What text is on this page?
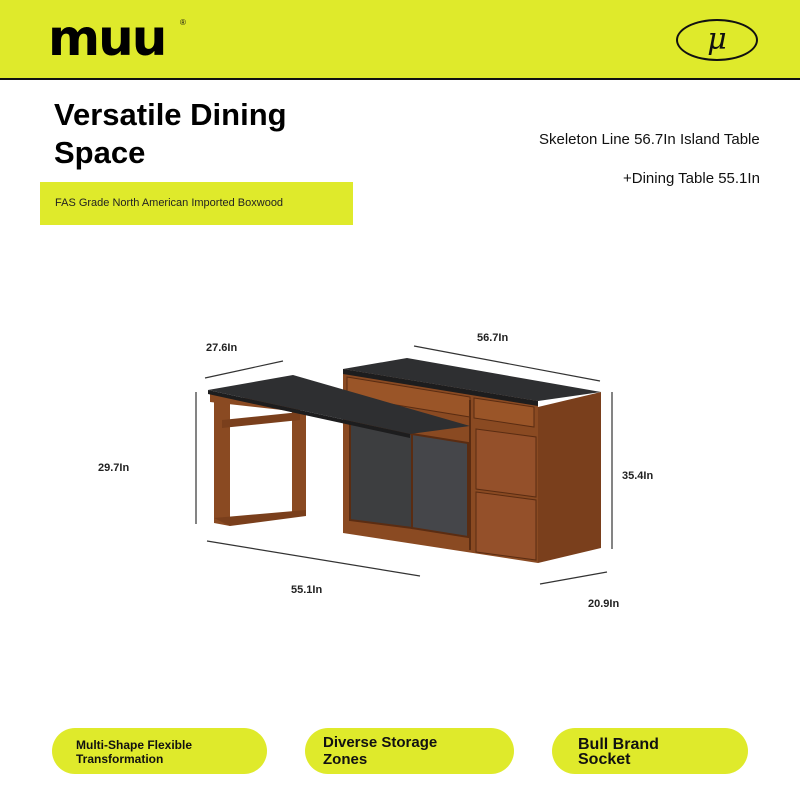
muu ®	μ
Versatile Dining
Space
FAS Grade North American Imported Boxwood
Skeleton Line 56.7In Island Table
+Dining Table 55.1In
56.7In
27.6In
29.7In
35.4In
55.1In
20.9In
Multi-Shape Flexible Transformation
Diverse Storage Zones
Bull Brand Socket
